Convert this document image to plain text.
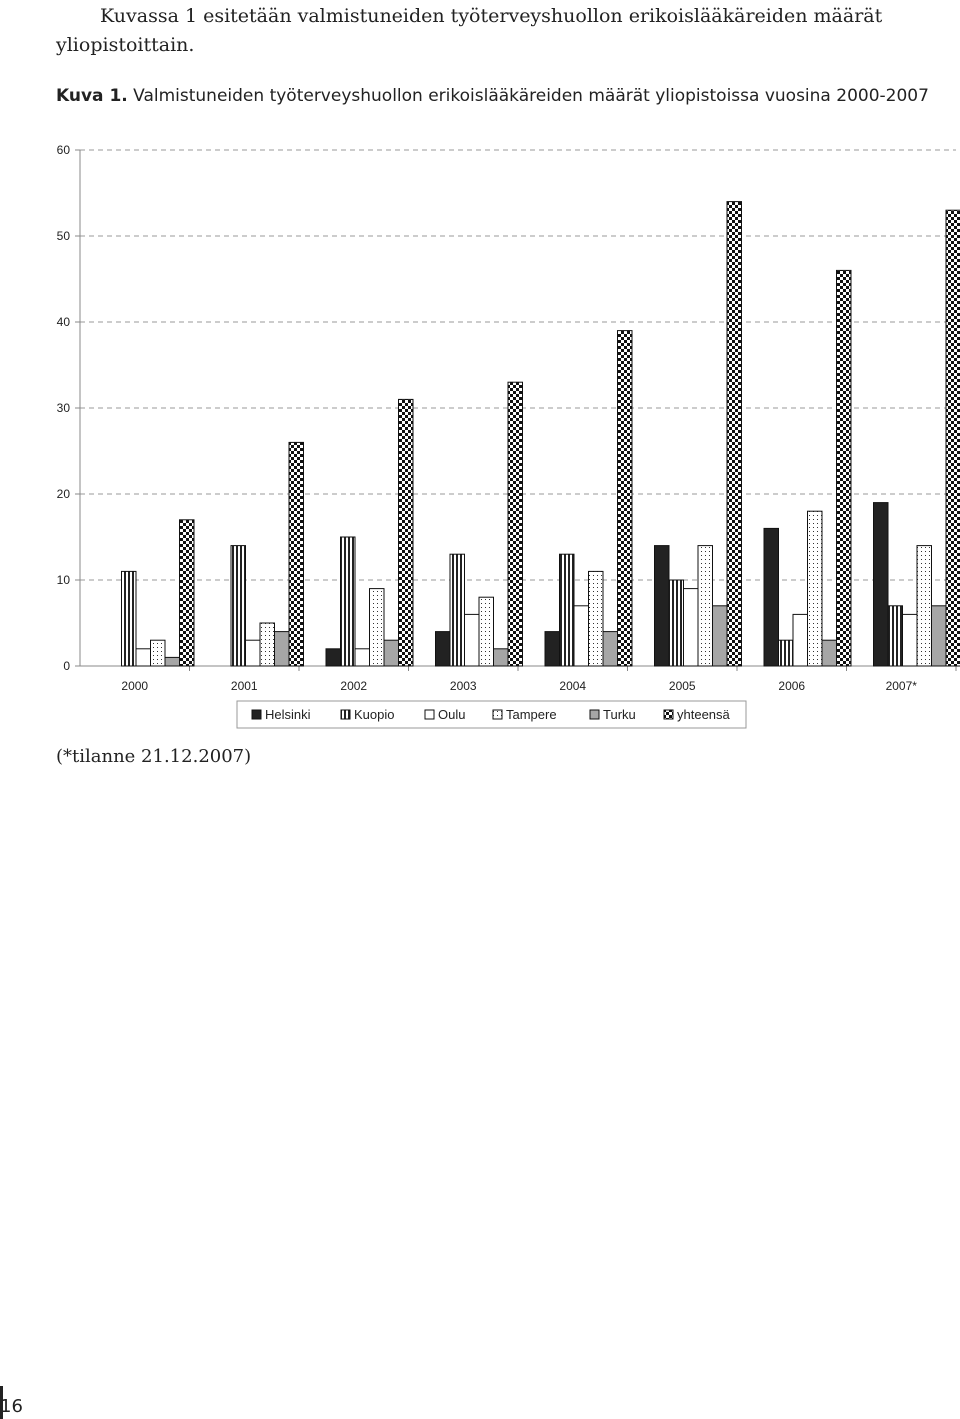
Kuvassa 1 esitetään valmistuneiden työterveyshuollon erikoislääkäreiden määrät yliopistoittain.

Kuva 1. Valmistuneiden työterveyshuollon erikoislääkäreiden määrät yliopistoissa vuosina 2000-2007
0
10
20
30
40
50
60
2000	2001	2002	2003	2004	2005	2006	2007*
Helsinki	Kuopio	Oulu	Tampere	Turku	yhteensä
(*tilanne 21.12.2007)
16
